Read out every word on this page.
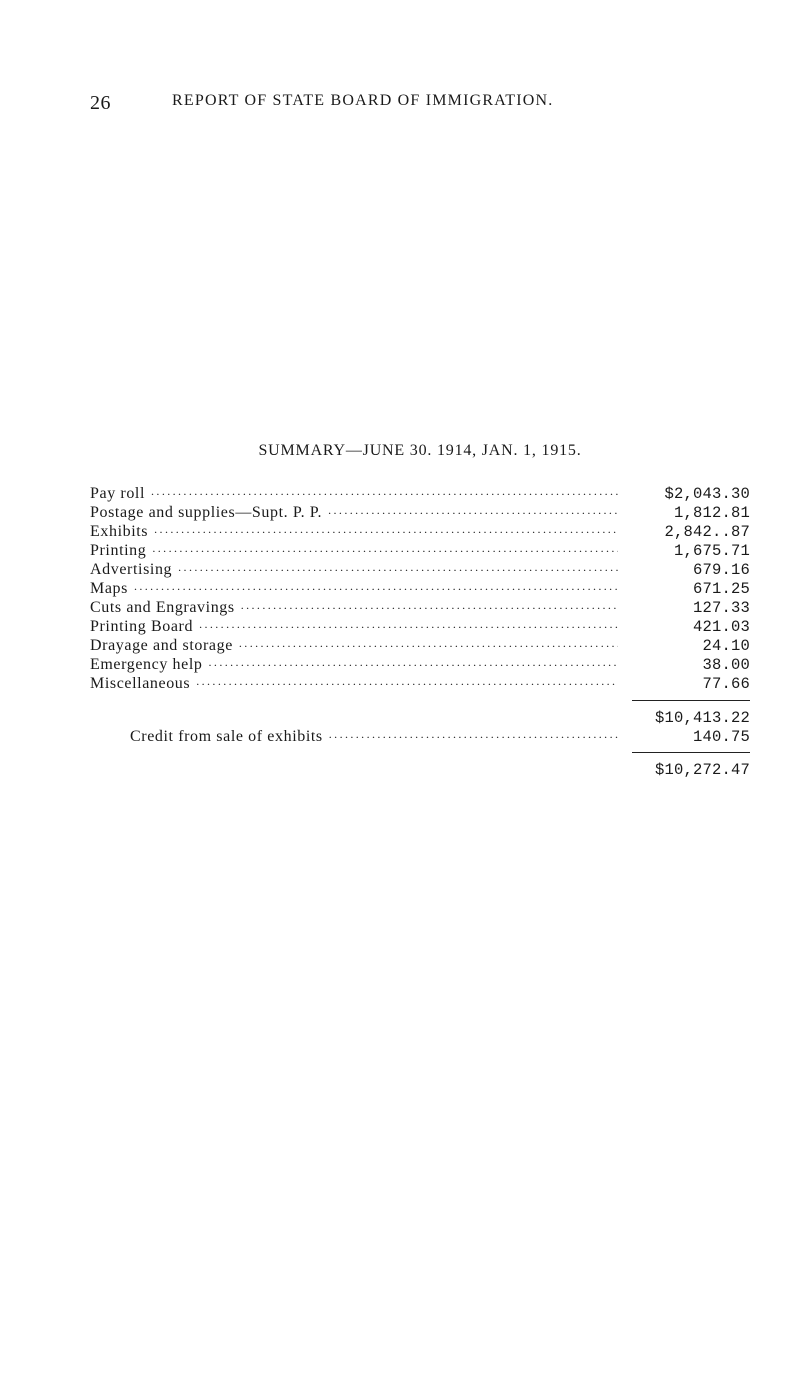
26	REPORT OF STATE BOARD OF IMMIGRATION.
SUMMARY—JUNE 30. 1914, JAN. 1, 1915.
Pay roll .....	$2,043.30
Postage and supplies—Supt. P. P. .....	1,812.81
Exhibits .....	2,842..87
Printing .....	1,675.71
Advertising .....	679.16
Maps .....	671.25
Cuts and Engravings .....	127.33
Printing Board .....	421.03
Drayage and storage .....	24.10
Emergency help .....	38.00
Miscellaneous .....	77.66
$10,413.22
Credit from sale of exhibits .....	140.75
$10,272.47
